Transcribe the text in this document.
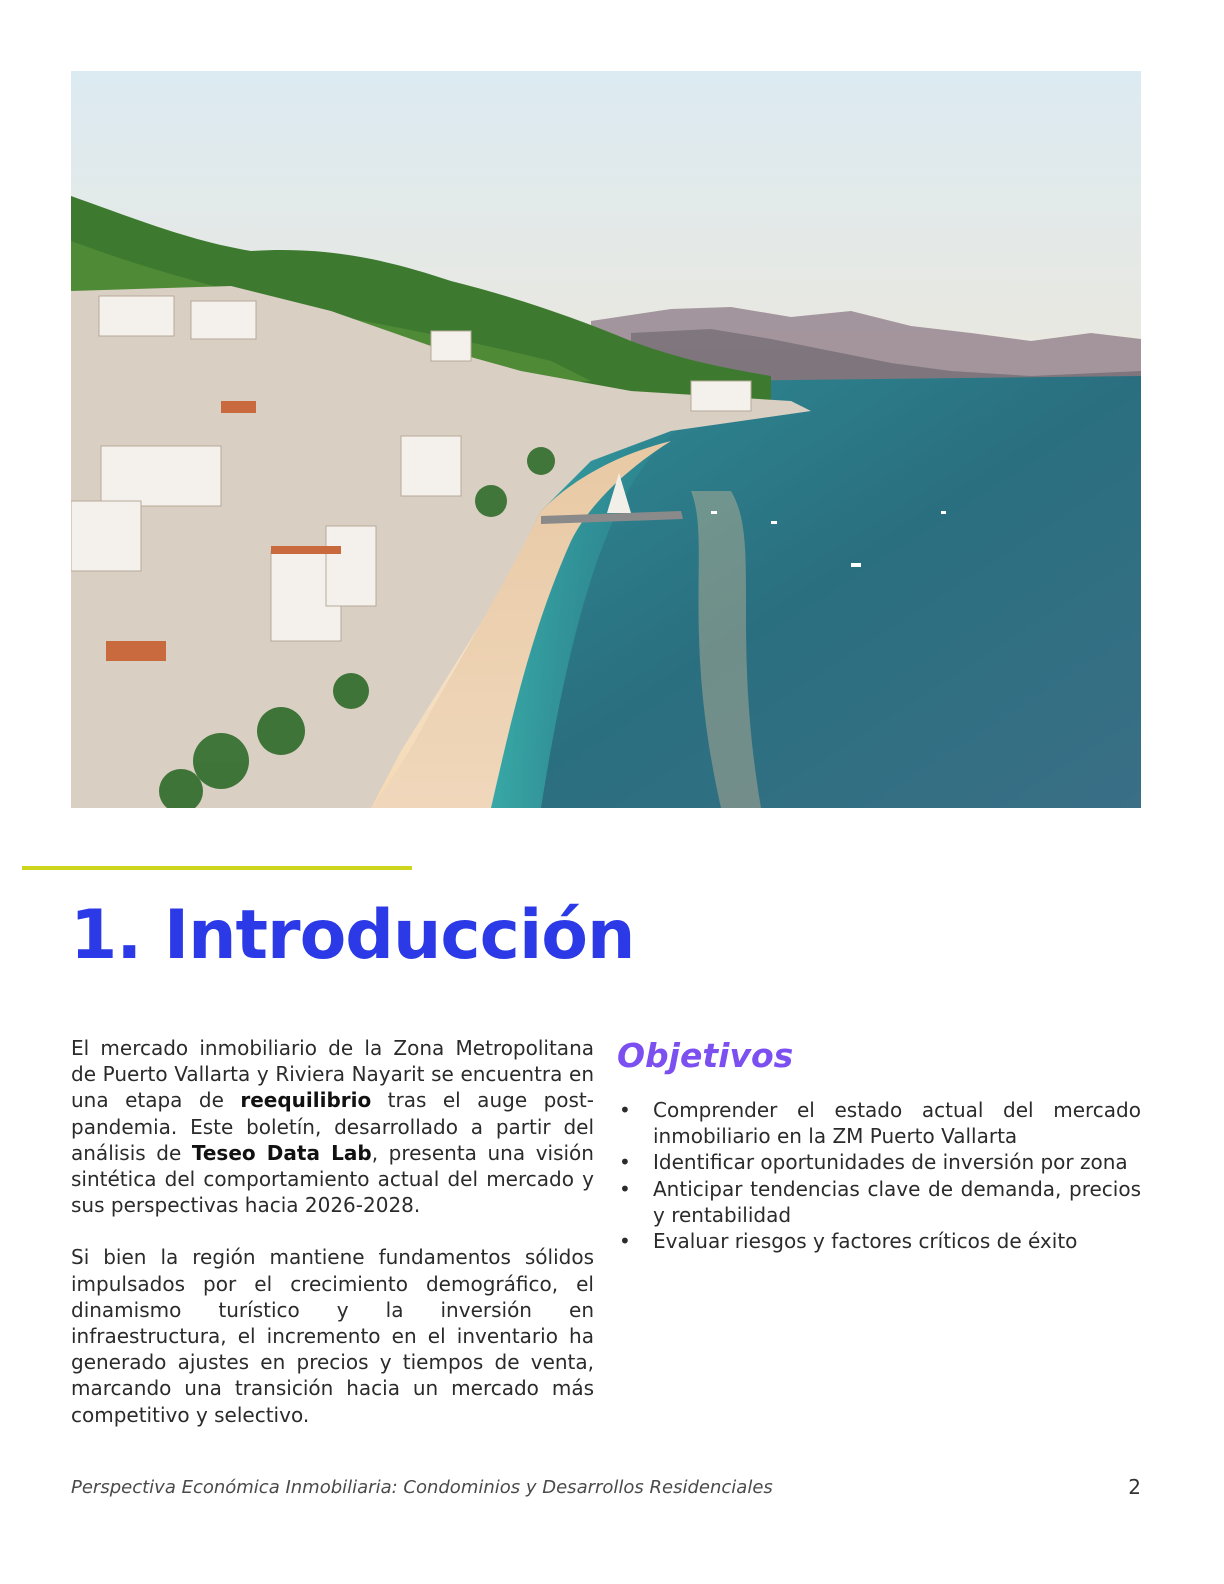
1. Introducción

El mercado inmobiliario de la Zona Metropolitana de Puerto Vallarta y Riviera Nayarit se encuentra en una etapa de reequilibrio tras el auge post-pandemia. Este boletín, desarrollado a partir del análisis de Teseo Data Lab, presenta una visión sintética del comportamiento actual del mercado y sus perspectivas hacia 2026-2028.

Si bien la región mantiene fundamentos sólidos impulsados por el crecimiento demográfico, el dinamismo turístico y la inversión en infraestructura, el incremento en el inventario ha generado ajustes en precios y tiempos de venta, marcando una transición hacia un mercado más competitivo y selectivo.

Objetivos
• Comprender el estado actual del mercado inmobiliario en la ZM Puerto Vallarta
• Identificar oportunidades de inversión por zona
• Anticipar tendencias clave de demanda, precios y rentabilidad
• Evaluar riesgos y factores críticos de éxito
Perspectiva Económica Inmobiliaria: Condominios y Desarrollos Residenciales	2
